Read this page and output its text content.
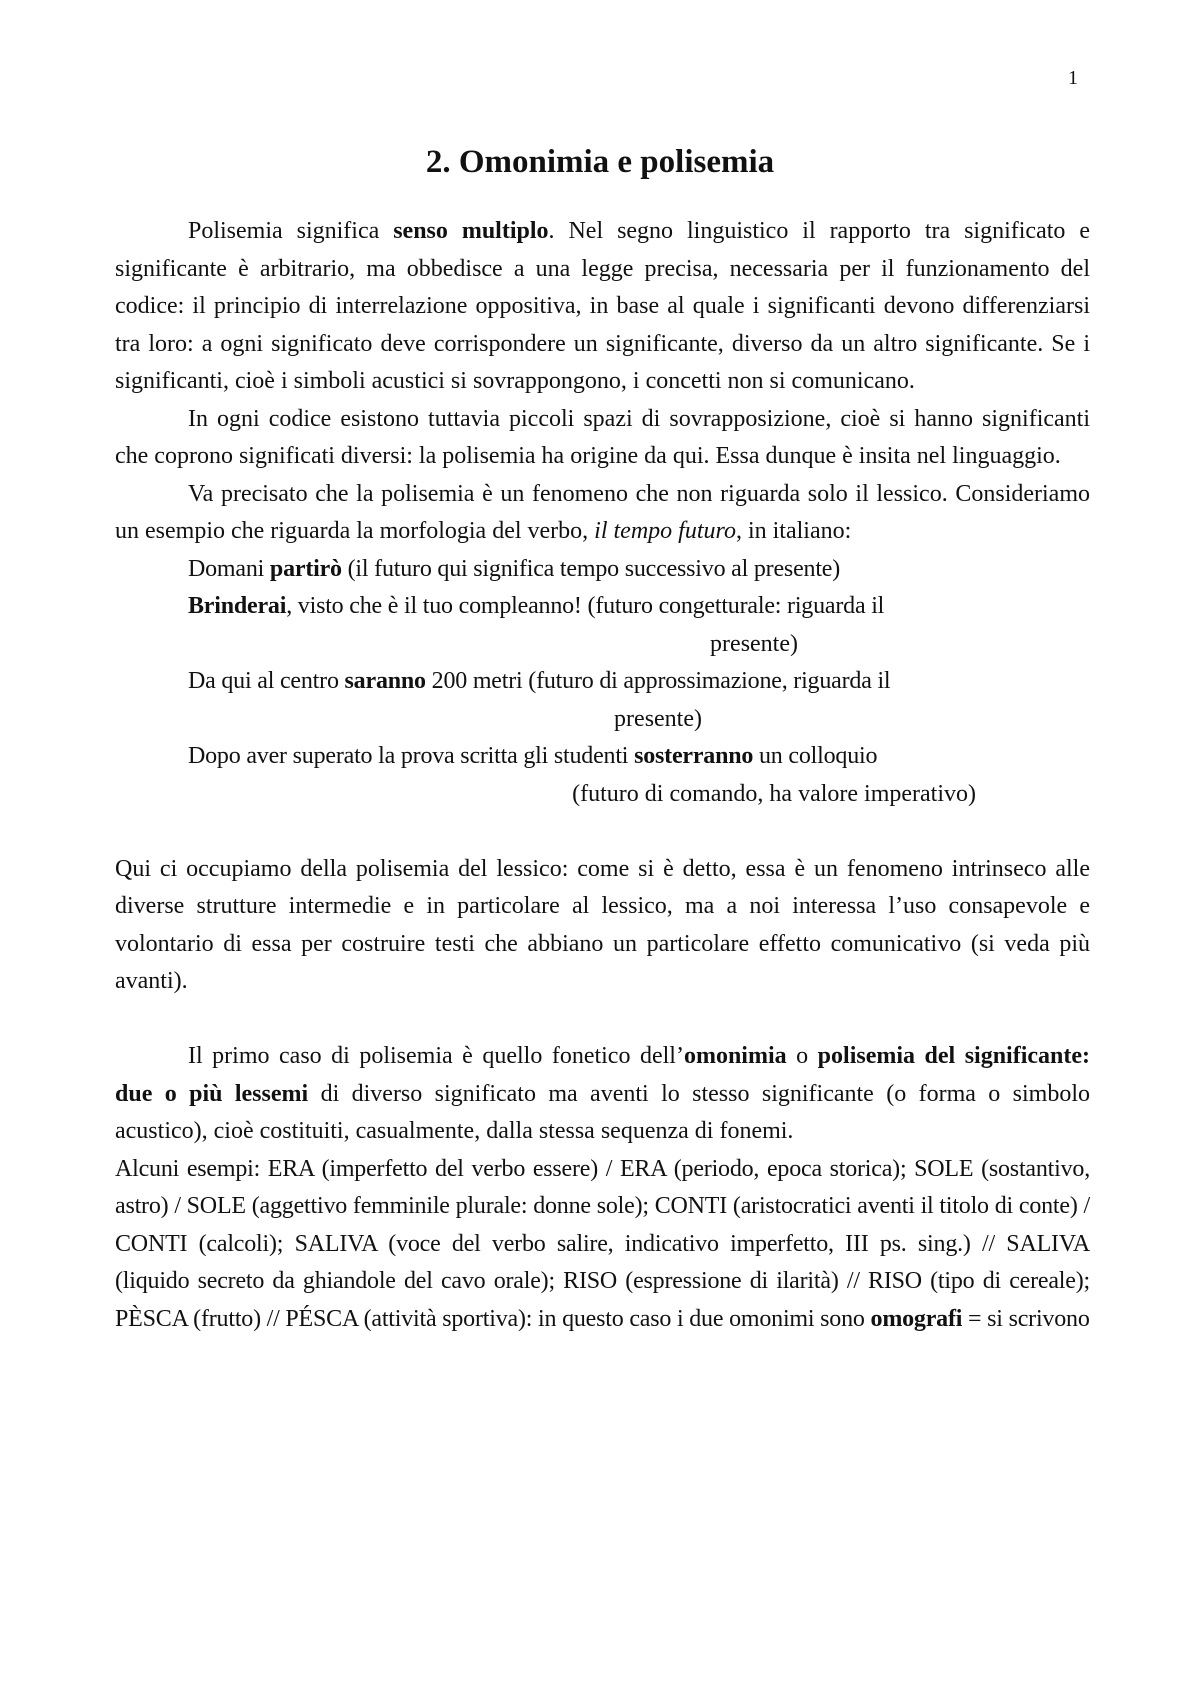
1
2. Omonimia e polisemia

Polisemia significa senso multiplo. Nel segno linguistico il rapporto tra significato e significante è arbitrario, ma obbedisce a una legge precisa, necessaria per il funzionamento del codice: il principio di interrelazione oppositiva, in base al quale i significanti devono differenziarsi tra loro: a ogni significato deve corrispondere un significante, diverso da un altro significante. Se i significanti, cioè i simboli acustici si sovrappongono, i concetti non si comunicano.

In ogni codice esistono tuttavia piccoli spazi di sovrapposizione, cioè si hanno significanti che coprono significati diversi: la polisemia ha origine da qui. Essa dunque è insita nel linguaggio.

Va precisato che la polisemia è un fenomeno che non riguarda solo il lessico. Consideriamo un esempio che riguarda la morfologia del verbo, il tempo futuro, in italiano:

Domani partirò (il futuro qui significa tempo successivo al presente)

Brinderai, visto che è il tuo compleanno! (futuro congetturale: riguarda il

presente)

Da qui al centro saranno 200 metri (futuro di approssimazione, riguarda il

presente)

Dopo aver superato la prova scritta gli studenti sosterranno un colloquio

(futuro di comando, ha valore imperativo)

Qui ci occupiamo della polisemia del lessico: come si è detto, essa è un fenomeno intrinseco alle diverse strutture intermedie e in particolare al lessico, ma a noi interessa l’uso consapevole e volontario di essa per costruire testi che abbiano un particolare effetto comunicativo (si veda più avanti).

Il primo caso di polisemia è quello fonetico dell’omonimia o polisemia del significante: due o più lessemi di diverso significato ma aventi lo stesso significante (o forma o simbolo acustico), cioè costituiti, casualmente, dalla stessa sequenza di fonemi.

Alcuni esempi: ERA (imperfetto del verbo essere) / ERA (periodo, epoca storica); SOLE (sostantivo, astro) / SOLE (aggettivo femminile plurale: donne sole); CONTI (aristocratici aventi il titolo di conte) / CONTI (calcoli); SALIVA (voce del verbo salire, indicativo imperfetto, III ps. sing.) // SALIVA (liquido secreto da ghiandole del cavo orale); RISO (espressione di ilarità) // RISO (tipo di cereale); PÈSCA (frutto) // PÉSCA (attività sportiva): in questo caso i due omonimi sono omografi = si scrivono
